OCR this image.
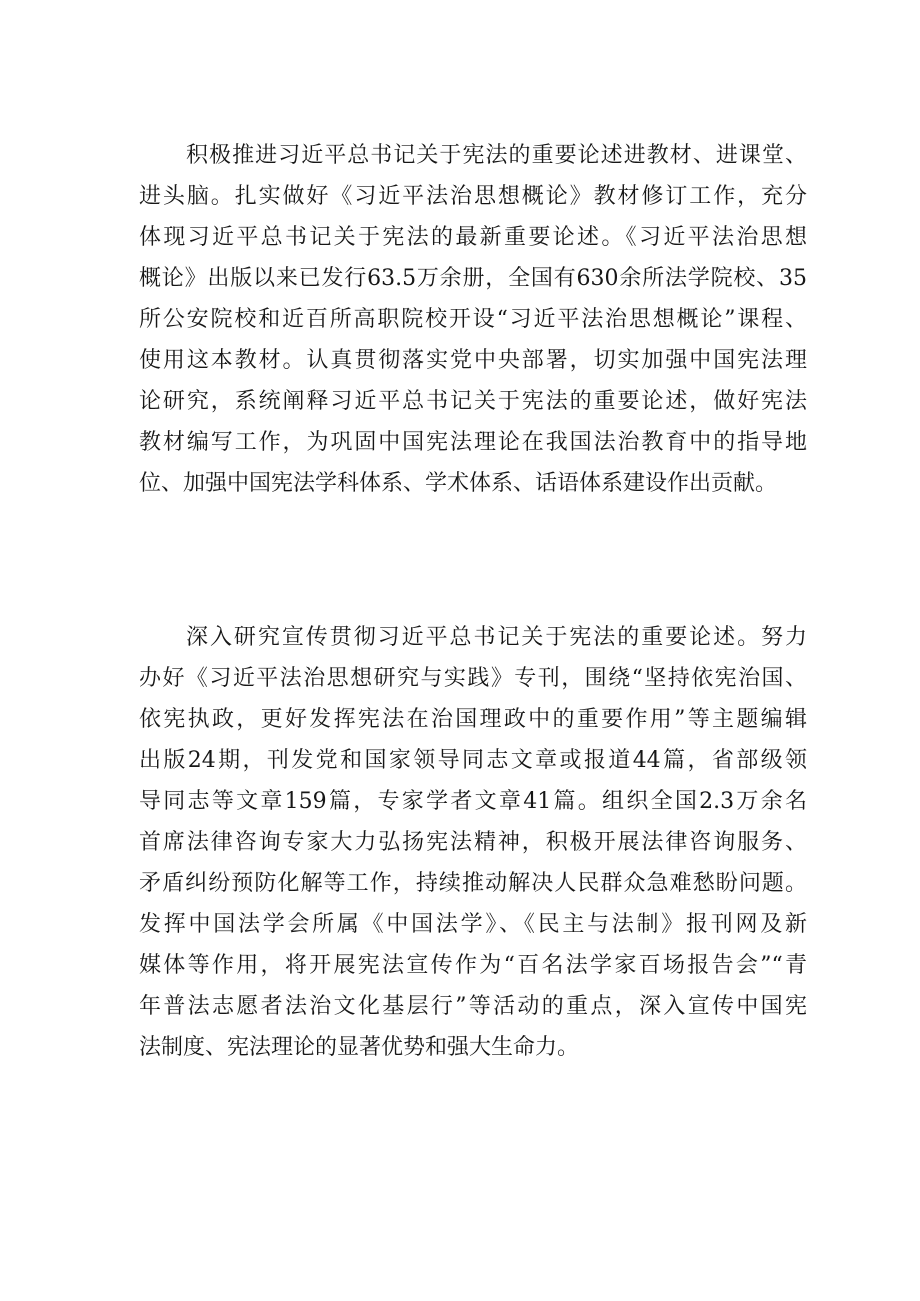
积极推进习近平总书记关于宪法的重要论述进教材、进课堂、
进头脑。扎实做好《习近平法治思想概论》教材修订工作，充分
体现习近平总书记关于宪法的最新重要论述。《习近平法治思想
概论》出版以来已发行63.5万余册，全国有630余所法学院校、35
所公安院校和近百所高职院校开设“习近平法治思想概论”课程、
使用这本教材。认真贯彻落实党中央部署，切实加强中国宪法理
论研究，系统阐释习近平总书记关于宪法的重要论述，做好宪法
教材编写工作，为巩固中国宪法理论在我国法治教育中的指导地
位、加强中国宪法学科体系、学术体系、话语体系建设作出贡献。
深入研究宣传贯彻习近平总书记关于宪法的重要论述。努力
办好《习近平法治思想研究与实践》专刊，围绕“坚持依宪治国、
依宪执政，更好发挥宪法在治国理政中的重要作用”等主题编辑
出版24期，刊发党和国家领导同志文章或报道44篇，省部级领
导同志等文章159篇，专家学者文章41篇。组织全国2.3万余名
首席法律咨询专家大力弘扬宪法精神，积极开展法律咨询服务、
矛盾纠纷预防化解等工作，持续推动解决人民群众急难愁盼问题。
发挥中国法学会所属《中国法学》、《民主与法制》报刊网及新
媒体等作用，将开展宪法宣传作为“百名法学家百场报告会”“青
年普法志愿者法治文化基层行”等活动的重点，深入宣传中国宪
法制度、宪法理论的显著优势和强大生命力。
